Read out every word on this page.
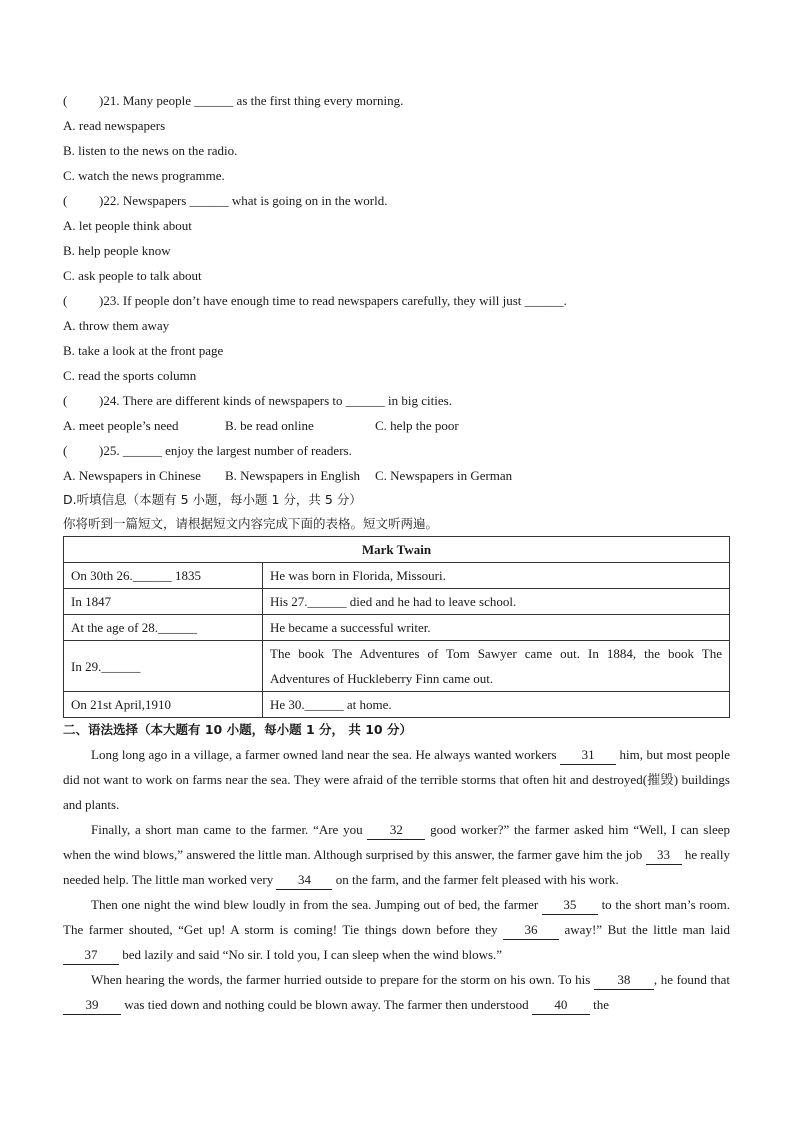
( )21. Many people ______ as the first thing every morning.
A. read newspapers
B. listen to the news on the radio.
C. watch the news programme.
( )22. Newspapers ______ what is going on in the world.
A. let people think about
B. help people know
C. ask people to talk about
( )23. If people don’t have enough time to read newspapers carefully, they will just ______.
A. throw them away
B. take a look at the front page
C. read the sports column
( )24. There are different kinds of newspapers to ______ in big cities.
A. meet people’s need	B. be read online	C. help the poor
( )25. ______ enjoy the largest number of readers.
A. Newspapers in Chinese B. Newspapers in English C. Newspapers in German
D.听填信息（本题有 5 小题，每小题 1 分，共 5 分）
你将听到一篇短文，请根据短文内容完成下面的表格。短文听两遍。
Mark Twain	
On 30th 26.______ 1835	He was born in Florida, Missouri.
In 1847	His 27.______ died and he had to leave school.
At the age of 28.______	He became a successful writer.
In 29.______	The book The Adventures of Tom Sawyer came out. In 1884, the book The Adventures of Huckleberry Finn came out.
On 21st April,1910	He 30.______ at home.
二、语法选择（本大题有 10 小题，每小题 1 分， 共 10 分）

Long long ago in a village, a farmer owned land near the sea. He always wanted workers 31 him, but most people did not want to work on farms near the sea. They were afraid of the terrible storms that often hit and destroyed(摧毁) buildings and plants.

Finally, a short man came to the farmer. “Are you 32 good worker?” the farmer asked him “Well, I can sleep when the wind blows,” answered the little man. Although surprised by this answer, the farmer gave him the job 33 he really needed help. The little man worked very 34 on the farm, and the farmer felt pleased with his work.

Then one night the wind blew loudly in from the sea. Jumping out of bed, the farmer 35 to the short man’s room. The farmer shouted, “Get up! A storm is coming! Tie things down before they 36 away!” But the little man laid 37 bed lazily and said “No sir. I told you, I can sleep when the wind blows.”

When hearing the words, the farmer hurried outside to prepare for the storm on his own. To his 38 , he found that 39 was tied down and nothing could be blown away. The farmer then understood 40 the
